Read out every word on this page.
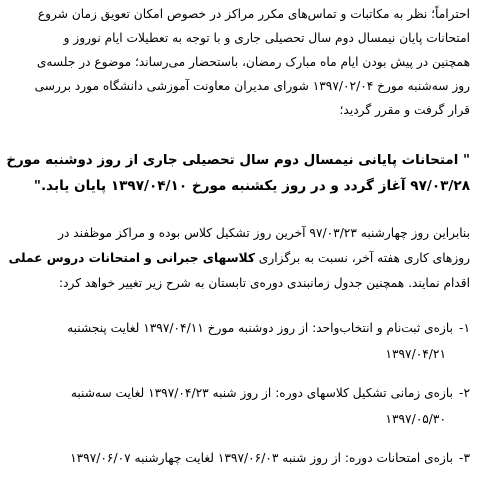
احتراماً؛ نظر به مکاتبات و تماس‌های مکرر مراکز در خصوص امکان تعویق زمان شروع
امتحانات پایان نیمسال دوم سال تحصیلی جاری و با توجه به تعطیلات ایام نوروز و
همچنین در پیش بودن ایام ماه مبارک رمضان، باستحضار می‌رساند؛ موضوع در جلسه‌ی
روز سه‌شنبه مورخ ۱۳۹۷/۰۲/۰۴ شورای مدیران معاونت آموزشی دانشگاه مورد بررسی
قرار گرفت و مقرر گردید؛
" امتحانات پایانی نیمسال دوم سال تحصیلی جاری از روز دوشنبه مورخ
۹۷/۰۳/۲۸ آغاز گردد و در روز یکشنبه مورخ ۱۳۹۷/۰۴/۱۰ پایان یابد."
بنابراین روز چهارشنبه ۹۷/۰۳/۲۳ آخرین روز تشکیل کلاس بوده و مراکز موظفند در
روزهای کاری هفته آخر، نسبت به برگزاری کلاسهای جبرانی و امتحانات دروس عملی
اقدام نمایند. همچنین جدول زمانبندی دوره‌ی تابستان به شرح زیر تغییر خواهد کرد:
۱-بازه‌ی ثبت‌نام و انتخاب‌واحد: از روز دوشنبه مورخ ۱۳۹۷/۰۴/۱۱ لغایت پنجشنبه
۱۳۹۷/۰۴/۲۱
۲-بازه‌ی زمانی تشکیل کلاسهای دوره: از روز شنبه ۱۳۹۷/۰۴/۲۳ لغایت سه‌شنبه
۱۳۹۷/۰۵/۳۰
۳-بازه‌ی امتحانات دوره: از روز شنبه ۱۳۹۷/۰۶/۰۳ لغایت چهارشنبه ۱۳۹۷/۰۶/۰۷
